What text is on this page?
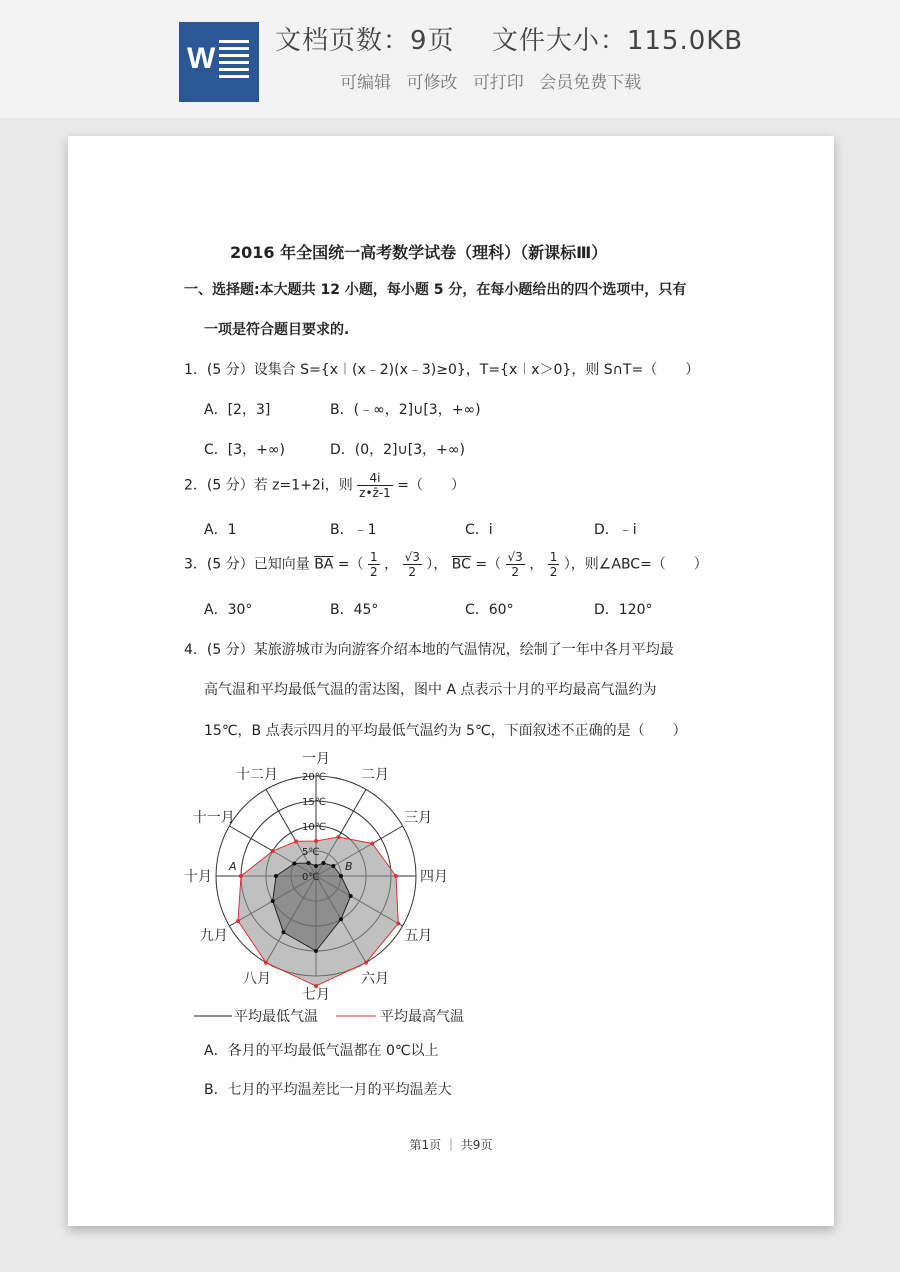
W
文档页数：9页 文件大小：115.0KB
可编辑 可修改 可打印 会员免费下载
2016 年全国统一高考数学试卷（理科）（新课标Ⅲ）
一、选择题:本大题共 12 小题，每小题 5 分，在每小题给出的四个选项中，只有
一项是符合题目要求的.
1．(5 分）设集合 S={x︱(x﹣2)(x﹣3)≥0}，T={x︱x＞0}，则 S∩T=（　　）
A．[2，3]	B．(﹣∞，2]∪[3，+∞)
C．[3，+∞)	D．(0，2]∪[3，+∞)
2．(5 分）若 z=1+2i，则 $\frac{4i}{z•z̄-1}$ =（　　）
A．1	B．﹣1	C．i	D．﹣i
3．(5 分）已知向量 $\overline{BA}$ =（ $\frac{1}{2}$ ， $\frac{√3}{2}$ ）， $\overline{BC}$ =（ $\frac{√3}{2}$ ， $\frac{1}{2}$ ），则∠ABC=（　　）
A．30°	B．45°	C．60°	D．120°
4．(5 分）某旅游城市为向游客介绍本地的气温情况，绘制了一年中各月平均最
高气温和平均最低气温的雷达图，图中 A 点表示十月的平均最高气温约为
15℃，B 点表示四月的平均最低气温约为 5℃，下面叙述不正确的是（　　）
0℃
5℃
10℃
15℃
20℃
一月
二月
三月
四月
五月
六月
七月
八月
九月
十月
十一月
十二月
A	B
平均最低气温	平均最高气温
A．各月的平均最低气温都在 0℃以上
B．七月的平均温差比一月的平均温差大
第1页 ｜ 共9页
